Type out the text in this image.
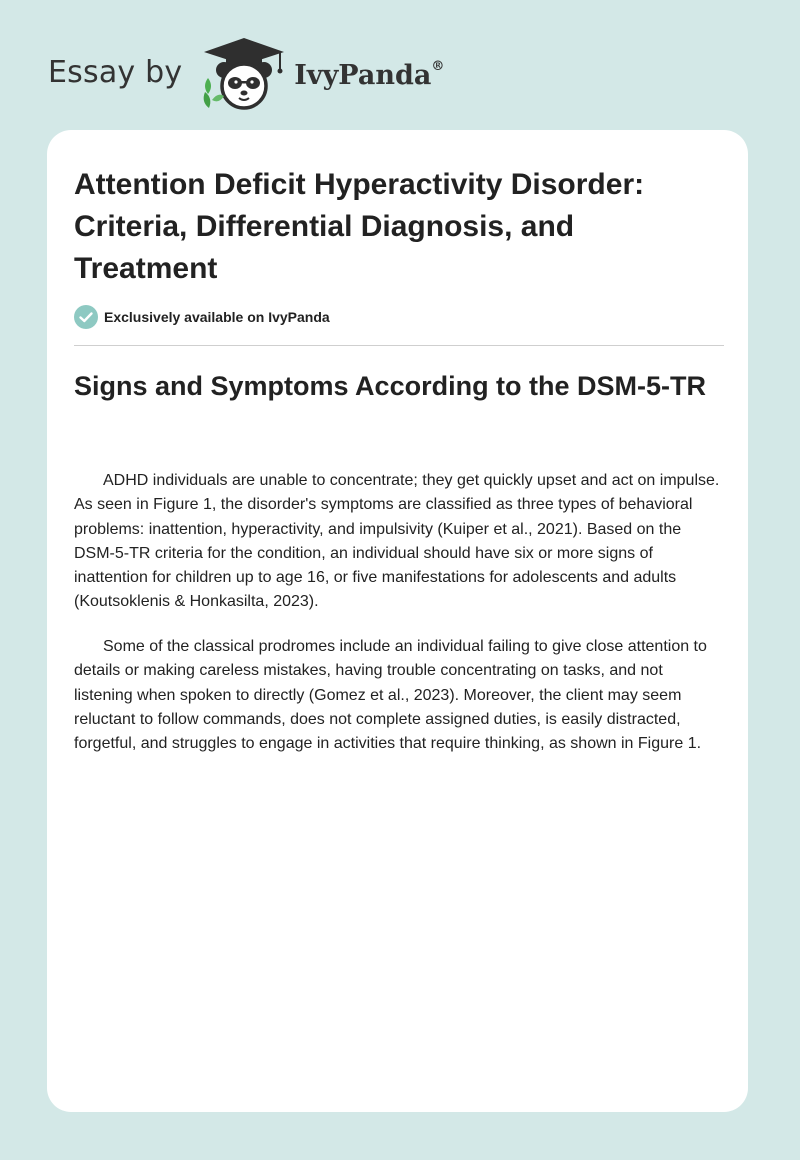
Essay by	IvyPanda®
Attention Deficit Hyperactivity Disorder: Criteria, Differential Diagnosis, and Treatment
Exclusively available on IvyPanda
Signs and Symptoms According to the DSM-5-TR

ADHD individuals are unable to concentrate; they get quickly upset and act on impulse. As seen in Figure 1, the disorder's symptoms are classified as three types of behavioral problems: inattention, hyperactivity, and impulsivity (Kuiper et al., 2021). Based on the DSM-5-TR criteria for the condition, an individual should have six or more signs of inattention for children up to age 16, or five manifestations for adolescents and adults (Koutsoklenis & Honkasilta, 2023).

Some of the classical prodromes include an individual failing to give close attention to details or making careless mistakes, having trouble concentrating on tasks, and not listening when spoken to directly (Gomez et al., 2023). Moreover, the client may seem reluctant to follow commands, does not complete assigned duties, is easily distracted, forgetful, and struggles to engage in activities that require thinking, as shown in Figure 1.
